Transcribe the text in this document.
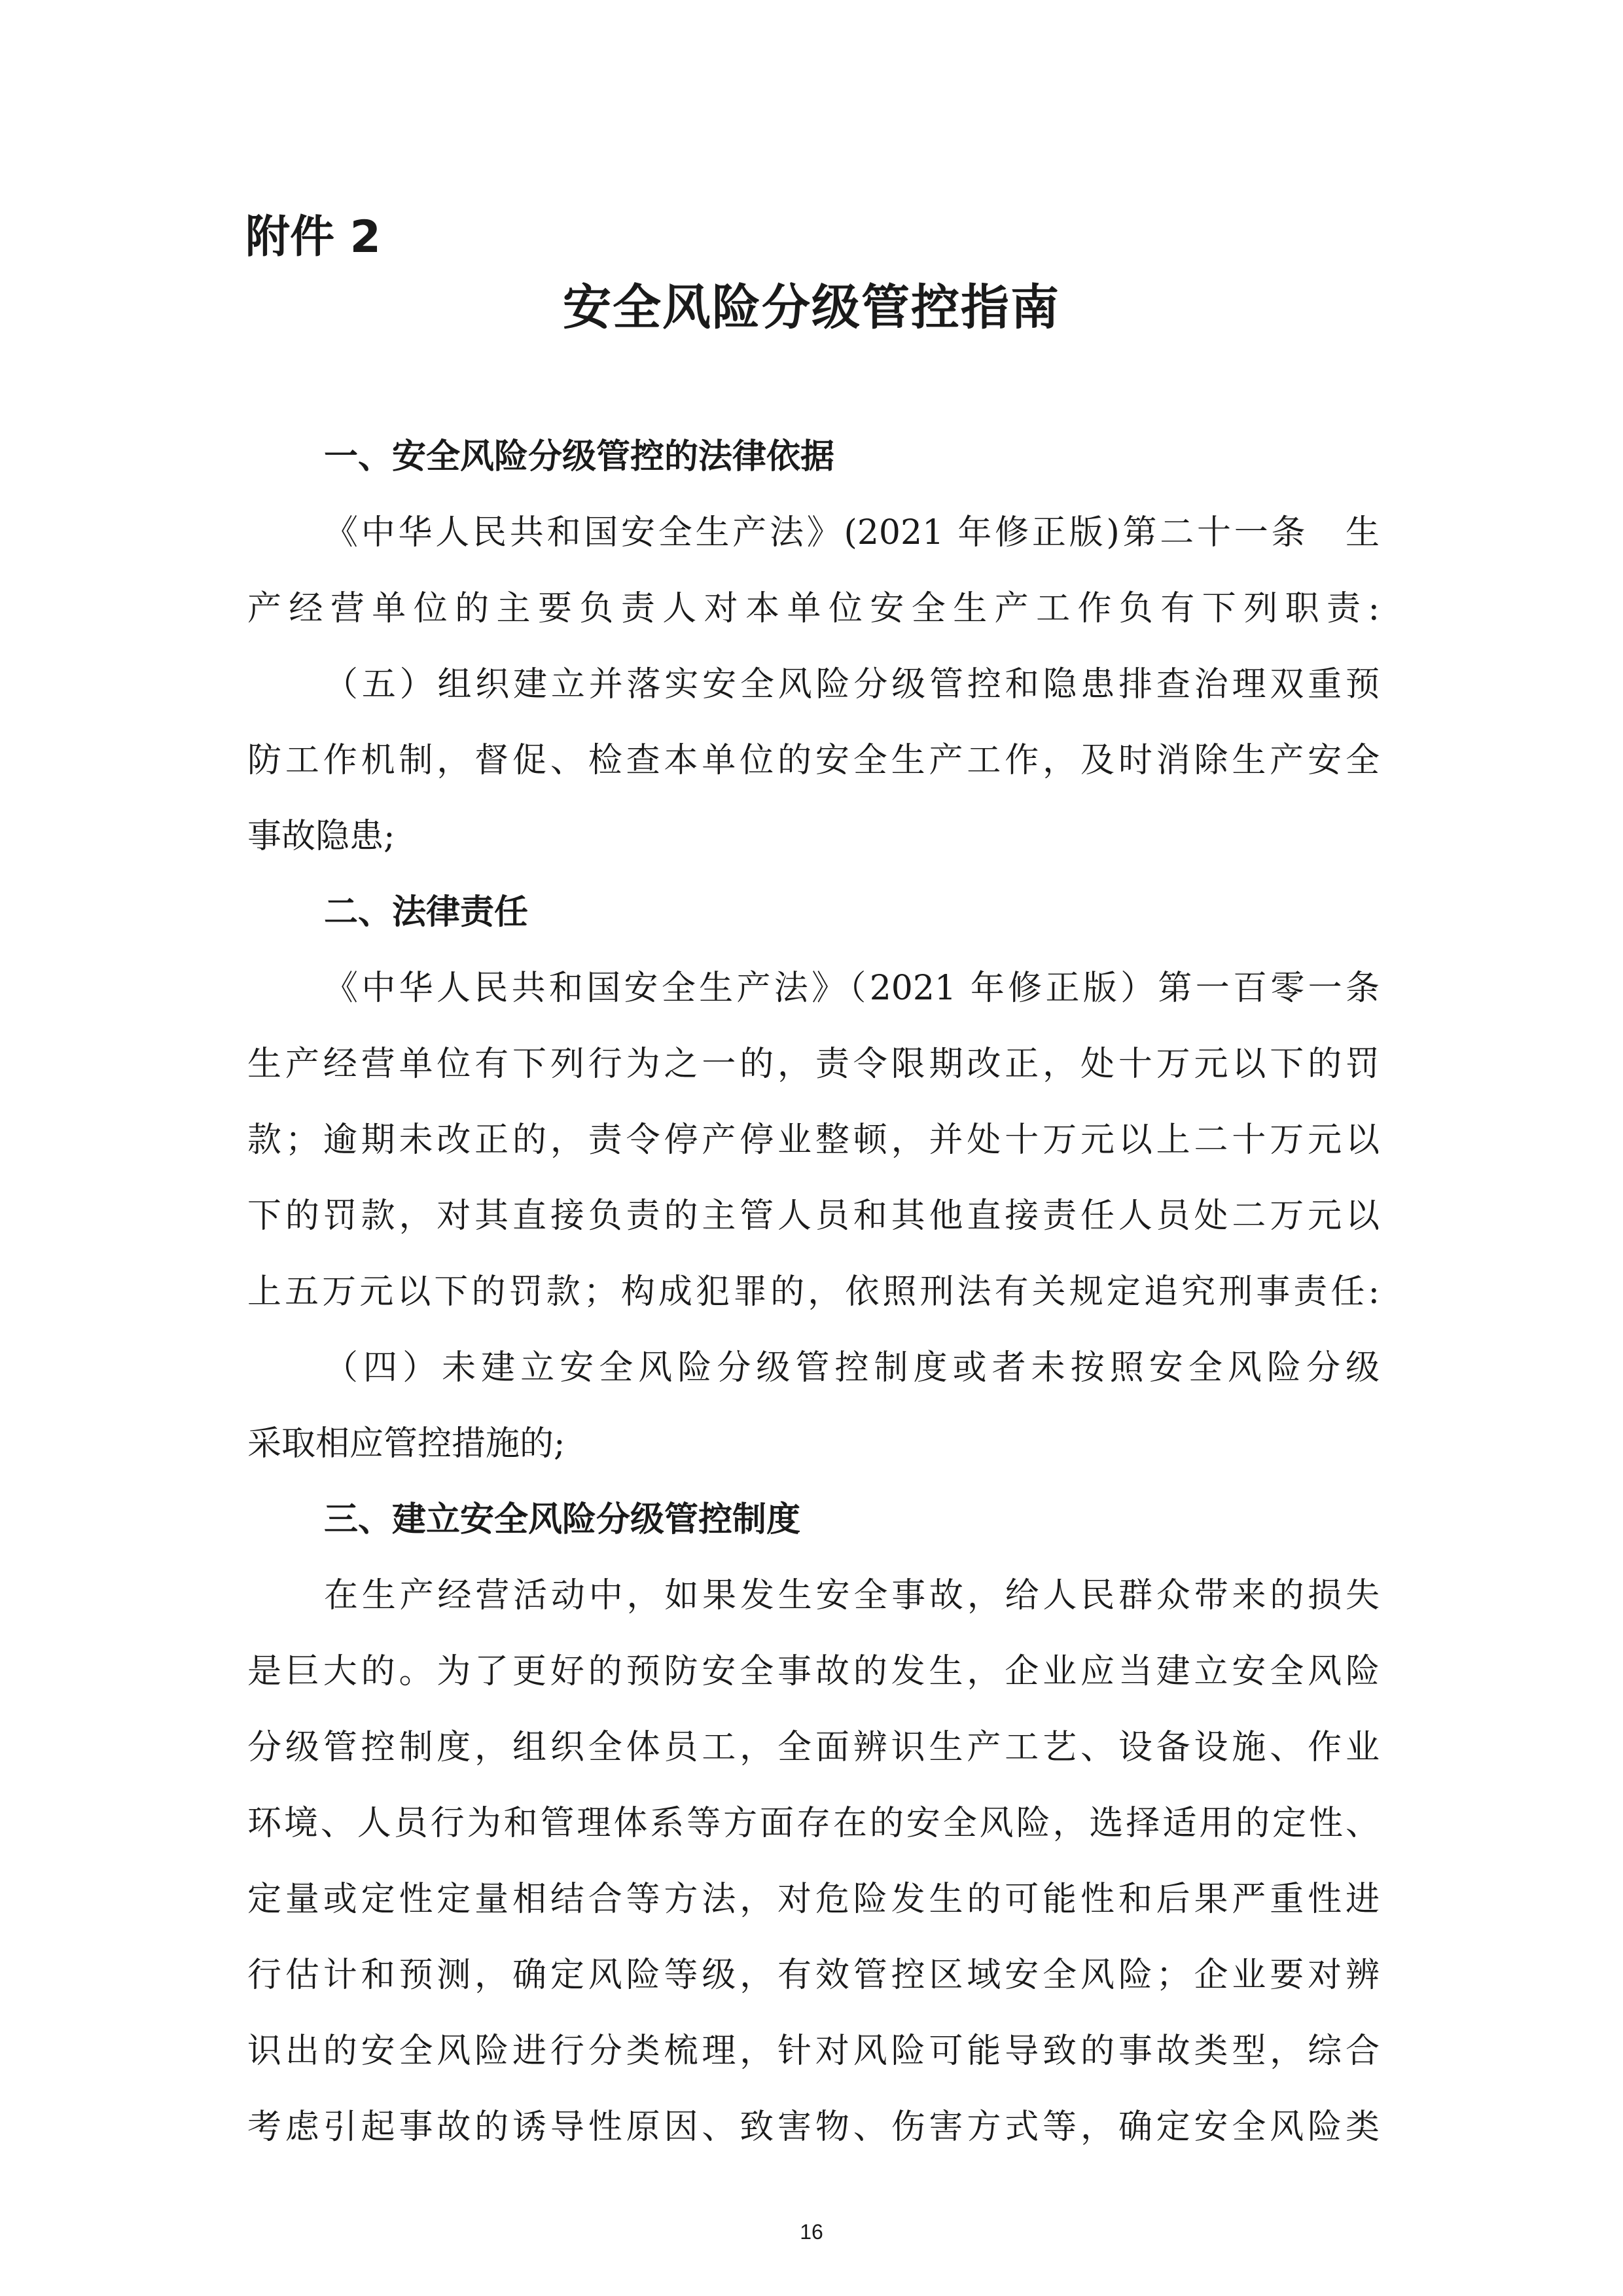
附件 2
安全风险分级管控指南

一、安全风险分级管控的法律依据

《中华人民共和国安全生产法》(2021 年修正版)第二十一条　生

产经营单位的主要负责人对本单位安全生产工作负有下列职责:

（五）组织建立并落实安全风险分级管控和隐患排查治理双重预

防工作机制，督促、检查本单位的安全生产工作，及时消除生产安全

事故隐患;

二、法律责任

《中华人民共和国安全生产法》（2021 年修正版）第一百零一条

生产经营单位有下列行为之一的，责令限期改正，处十万元以下的罚

款；逾期未改正的，责令停产停业整顿，并处十万元以上二十万元以

下的罚款，对其直接负责的主管人员和其他直接责任人员处二万元以

上五万元以下的罚款；构成犯罪的，依照刑法有关规定追究刑事责任:

（四）未建立安全风险分级管控制度或者未按照安全风险分级

采取相应管控措施的;

三、建立安全风险分级管控制度

在生产经营活动中，如果发生安全事故，给人民群众带来的损失

是巨大的。为了更好的预防安全事故的发生，企业应当建立安全风险

分级管控制度，组织全体员工，全面辨识生产工艺、设备设施、作业

环境、人员行为和管理体系等方面存在的安全风险，选择适用的定性、

定量或定性定量相结合等方法，对危险发生的可能性和后果严重性进

行估计和预测，确定风险等级，有效管控区域安全风险；企业要对辨

识出的安全风险进行分类梳理，针对风险可能导致的事故类型，综合

考虑引起事故的诱导性原因、致害物、伤害方式等，确定安全风险类

16
